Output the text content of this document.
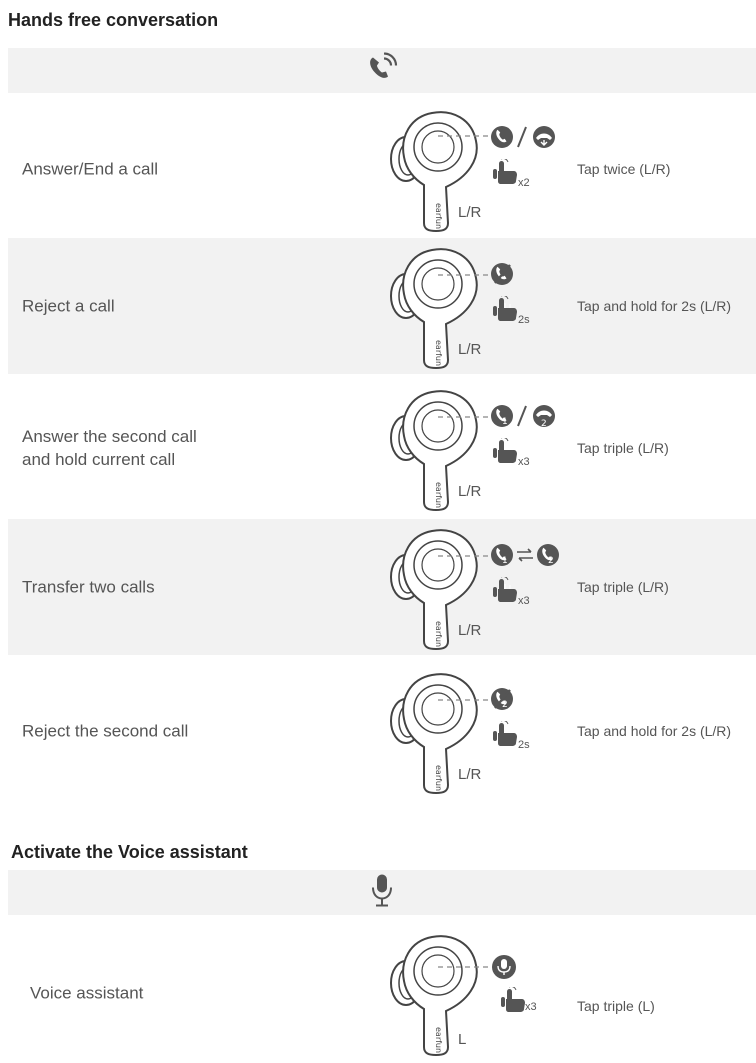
Hands free conversation
Answer/End a call
x2
L/R
Tap twice (L/R)
Reject a call
2s
L/R
Tap and hold for 2s (L/R)
Answer the second call
and hold current call
1	2
x3
L/R
Tap triple (L/R)
Transfer two calls
1	2
x3
L/R
Tap triple (L/R)
Reject the second call
2
2s
L/R
Tap and hold for 2s (L/R)
Activate the Voice assistant
Voice assistant
x3
L
Tap triple (L)
